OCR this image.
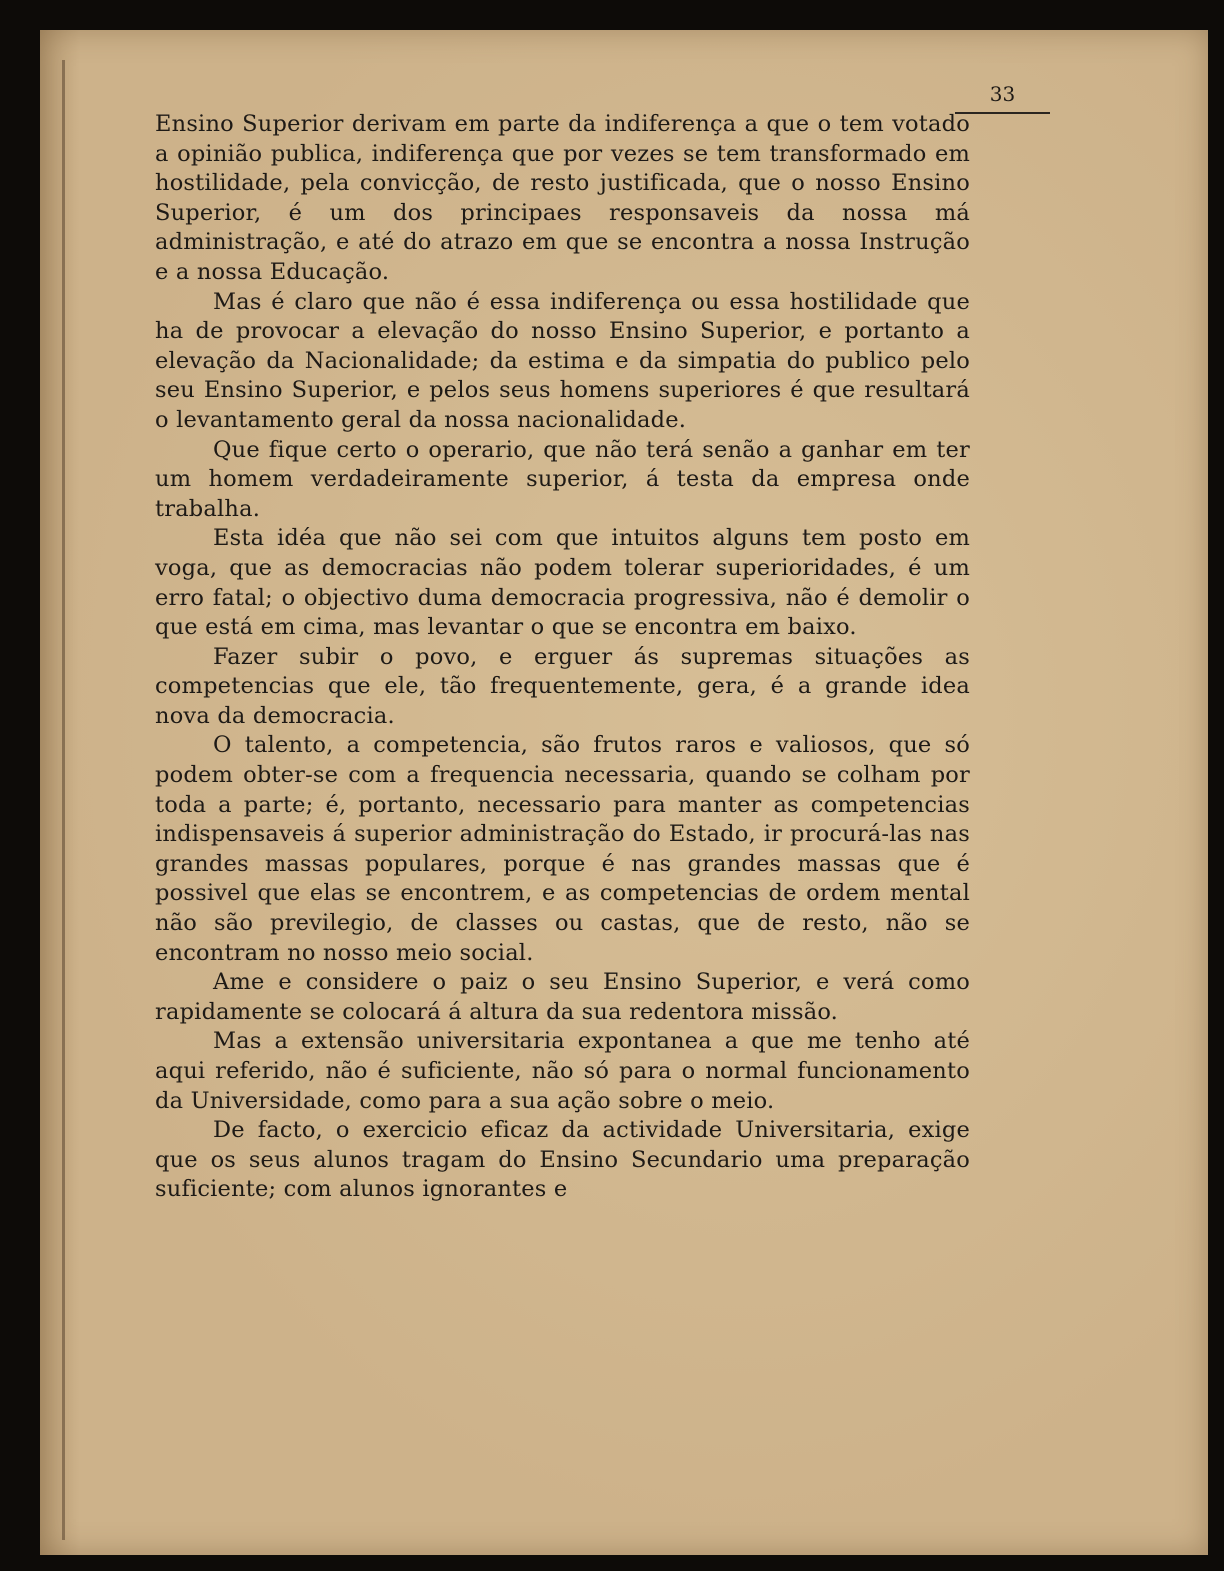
33

Ensino Superior derivam em parte da indiferença a que o tem votado a opinião publica, indiferença que por vezes se tem transformado em hostilidade, pela convicção, de resto justificada, que o nosso Ensino Superior, é um dos principaes responsaveis da nossa má administração, e até do atrazo em que se encontra a nossa Instrução e a nossa Educação.

Mas é claro que não é essa indiferença ou essa hostilidade que ha de provocar a elevação do nosso Ensino Superior, e portanto a elevação da Nacionalidade; da estima e da simpatia do publico pelo seu Ensino Superior, e pelos seus homens superiores é que resultará o levantamento geral da nossa nacionalidade.

Que fique certo o operario, que não terá senão a ganhar em ter um homem verdadeiramente superior, á testa da empresa onde trabalha.

Esta idéa que não sei com que intuitos alguns tem posto em voga, que as democracias não podem tolerar superioridades, é um erro fatal; o objectivo duma democracia progressiva, não é demolir o que está em cima, mas levantar o que se encontra em baixo.

Fazer subir o povo, e erguer ás supremas situações as competencias que ele, tão frequentemente, gera, é a grande idea nova da democracia.

O talento, a competencia, são frutos raros e valiosos, que só podem obter-se com a frequencia necessaria, quando se colham por toda a parte; é, portanto, necessario para manter as competencias indispensaveis á superior administração do Estado, ir procurá-las nas grandes massas populares, porque é nas grandes massas que é possivel que elas se encontrem, e as competencias de ordem mental não são previlegio, de classes ou castas, que de resto, não se encontram no nosso meio social.

Ame e considere o paiz o seu Ensino Superior, e verá como rapidamente se colocará á altura da sua redentora missão.

Mas a extensão universitaria expontanea a que me tenho até aqui referido, não é suficiente, não só para o normal funcionamento da Universidade, como para a sua ação sobre o meio.

De facto, o exercicio eficaz da actividade Universitaria, exige que os seus alunos tragam do Ensino Secundario uma preparação suficiente; com alunos ignorantes e
